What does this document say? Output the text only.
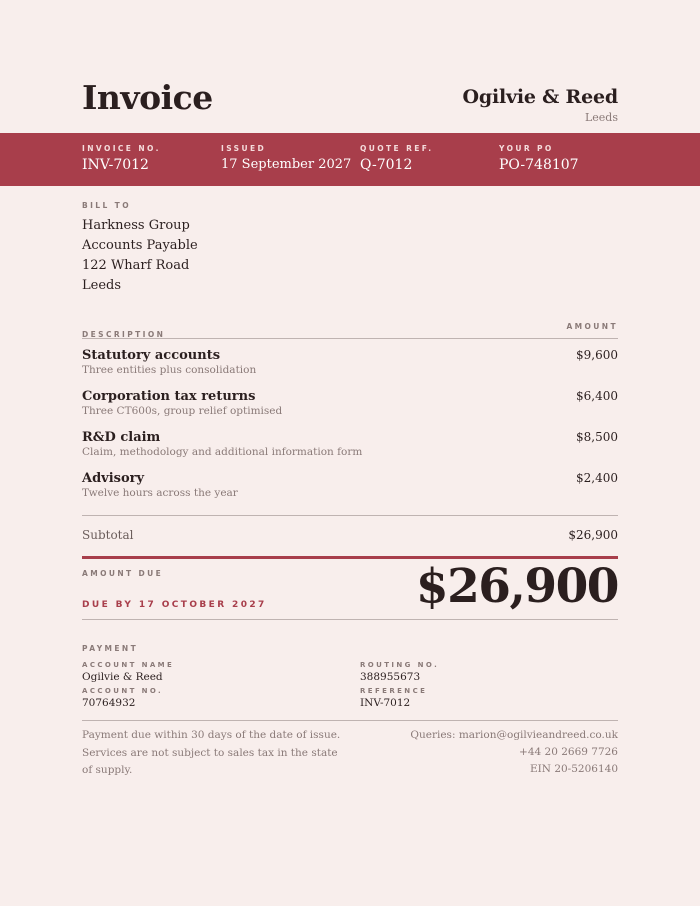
Invoice	Ogilvie & Reed
Leeds
INVOICE NO.
INV-7012
ISSUED
17 September 2027
QUOTE REF.
Q-7012
YOUR PO
PO-748107
BILL TO
Harkness Group
Accounts Payable
122 Wharf Road
Leeds
DESCRIPTION
AMOUNT
Statutory accounts
Three entities plus consolidation
$9,600
Corporation tax returns
Three CT600s, group relief optimised
$6,400
R&D claim
Claim, methodology and additional information form
$8,500
Advisory
Twelve hours across the year
$2,400
Subtotal	$26,900
AMOUNT DUE
DUE BY 17 OCTOBER 2027	$26,900
PAYMENT
ACCOUNT NAME
Ogilvie & Reed
ROUTING NO.
388955673
ACCOUNT NO.
70764932
REFERENCE
INV-7012
Payment due within 30 days of the date of issue.
Services are not subject to sales tax in the state
of supply.
Queries: marion@ogilvieandreed.co.uk
+44 20 2669 7726
EIN 20-5206140
